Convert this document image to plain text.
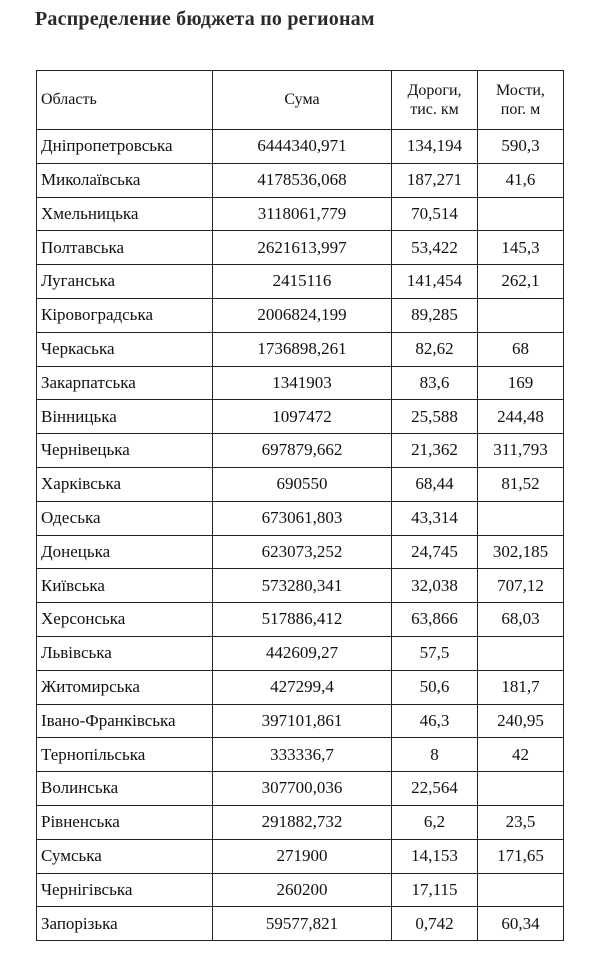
Распределение бюджета по регионам
Область	Сума	Дороги, тис. км	Мости, пог. м
Дніпропетровська	6444340,971	134,194	590,3
Миколаївська	4178536,068	187,271	41,6
Хмельницька	3118061,779	70,514	
Полтавська	2621613,997	53,422	145,3
Луганська	2415116	141,454	262,1
Кіровоградська	2006824,199	89,285	
Черкаська	1736898,261	82,62	68
Закарпатська	1341903	83,6	169
Вінницька	1097472	25,588	244,48
Чернівецька	697879,662	21,362	311,793
Харківська	690550	68,44	81,52
Одеська	673061,803	43,314	
Донецька	623073,252	24,745	302,185
Київська	573280,341	32,038	707,12
Херсонська	517886,412	63,866	68,03
Львівська	442609,27	57,5	
Житомирська	427299,4	50,6	181,7
Івано-Франківська	397101,861	46,3	240,95
Тернопільська	333336,7	8	42
Волинська	307700,036	22,564	
Рівненська	291882,732	6,2	23,5
Сумська	271900	14,153	171,65
Чернігівська	260200	17,115	
Запорізька	59577,821	0,742	60,34
